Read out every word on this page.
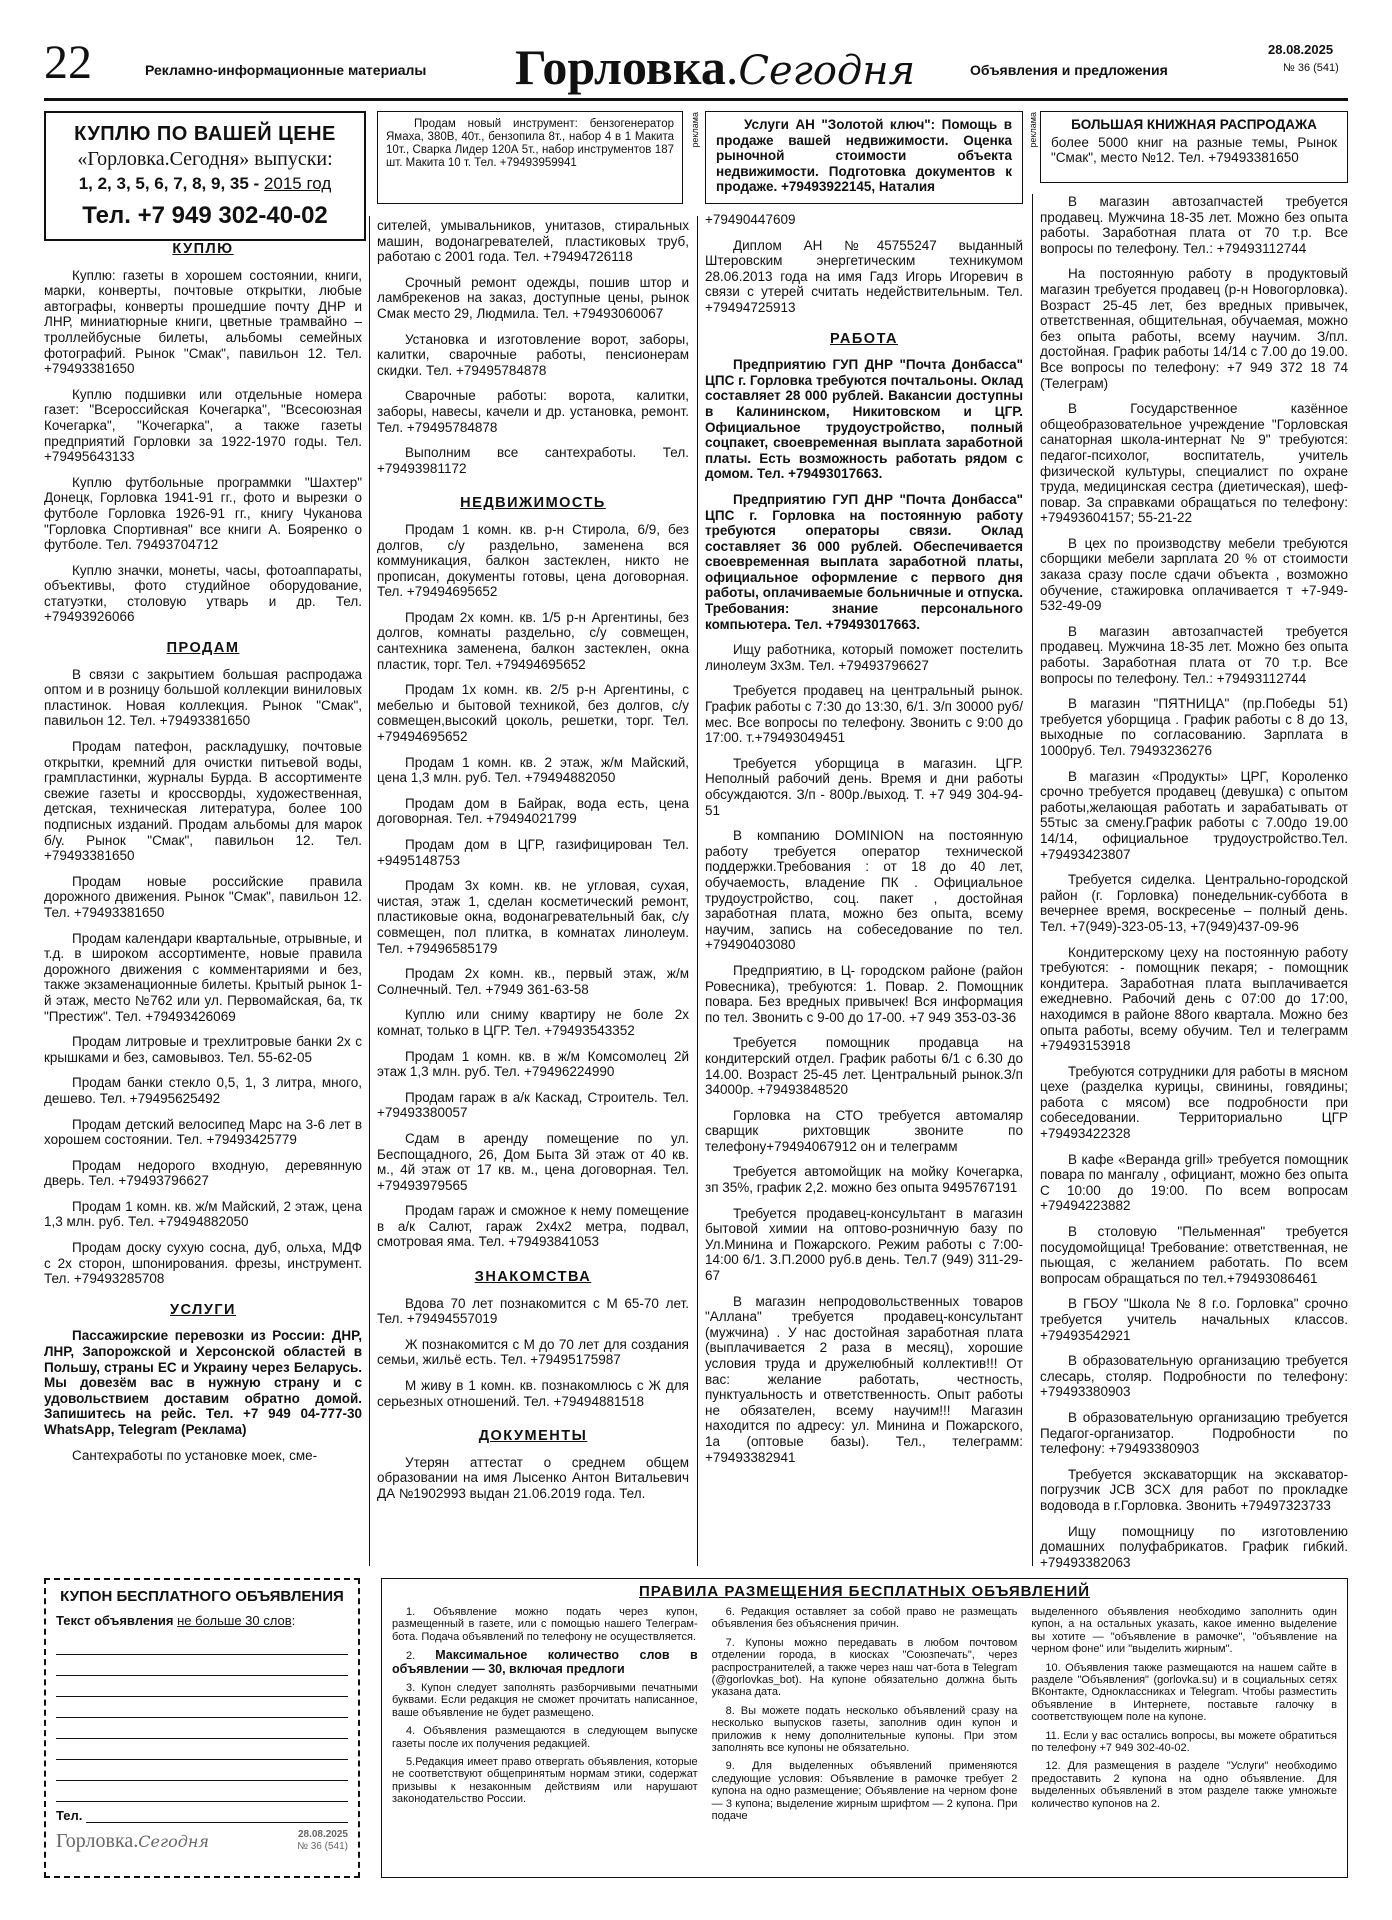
22	Рекламно-информационные материалы Горловка.Сегодня	Объявления и предложения
28.08.2025
№ 36 (541)
КУПЛЮ ПО ВАШЕЙ ЦЕНЕ
«Горловка.Сегодня» выпуски:
1, 2, 3, 5, 6, 7, 8, 9, 35 - 2015 год
Тел. +7 949 302-40-02

Продам новый инструмент: бензогенератор Ямаха, 380В, 40т., бензопила 8т., набор 4 в 1 Макита 10т., Сварка Лидер 120А 5т., набор инструментов 187 шт. Макита 10 т. Тел. +79493959941

реклама	Услуги АН "Золотой ключ": Помощь в продаже вашей недвижимости. Оценка рыночной стоимости объекта недвижимости. Подготовка документов к продаже. +79493922145, Наталия

реклама	БОЛЬШАЯ КНИЖНАЯ РАСПРОДАЖА

более 5000 книг на разные темы, Рынок "Смак", место №12. Тел. +79493381650

КУПЛЮ

Куплю: газеты в хорошем состоянии, книги, марки, конверты, почтовые открытки, любые автографы, конверты прошедшие почту ДНР и ЛНР, миниатюрные книги, цветные трамвайно – троллейбусные билеты, альбомы семейных фотографий. Рынок "Смак", павильон 12. Тел. +79493381650

Куплю подшивки или отдельные номера газет: "Всероссийская Кочегарка", "Всесоюзная Кочегарка", "Кочегарка", а также газеты предприятий Горловки за 1922-1970 годы. Тел. +79495643133

Куплю футбольные программки "Шахтер" Донецк, Горловка 1941-91 гг., фото и вырезки о футболе Горловка 1926-91 гг., книгу Чуканова "Горловка Спортивная" все книги А. Бояренко о футболе. Тел. 79493704712

Куплю значки, монеты, часы, фотоаппараты, объективы, фото студийное оборудование, статуэтки, столовую утварь и др. Тел. +79493926066

ПРОДАМ

В связи с закрытием большая распродажа оптом и в розницу большой коллекции виниловых пластинок. Новая коллекция. Рынок "Смак", павильон 12. Тел. +79493381650

Продам патефон, раскладушку, почтовые открытки, кремний для очистки питьевой воды, грампластинки, журналы Бурда. В ассортименте свежие газеты и кроссворды, художественная, детская, техническая литература, более 100 подписных изданий. Продам альбомы для марок б/у. Рынок "Смак", павильон 12. Тел. +79493381650

Продам новые российские правила дорожного движения. Рынок "Смак", павильон 12. Тел. +79493381650

Продам календари квартальные, отрывные, и т.д. в широком ассортименте, новые правила дорожного движения с комментариями и без, также экзаменационные билеты. Крытый рынок 1-й этаж, место №762 или ул. Первомайская, 6а, тк "Престиж". Тел. +79493426069

Продам литровые и трехлитровые банки 2х с крышками и без, самовывоз. Тел. 55-62-05

Продам банки стекло 0,5, 1, 3 литра, много, дешево. Тел. +79495625492

Продам детский велосипед Марс на 3-6 лет в хорошем состоянии. Тел. +79493425779

Продам недорого входную, деревянную дверь. Тел. +79493796627

Продам 1 комн. кв. ж/м Майский, 2 этаж, цена 1,3 млн. руб. Тел. +79494882050

Продам доску сухую сосна, дуб, ольха, МДФ с 2х сторон, шпонирования. фрезы, инструмент. Тел. +79493285708

УСЛУГИ

Пассажирские перевозки из России: ДНР, ЛНР, Запорожской и Херсонской областей в Польшу, страны ЕС и Украину через Беларусь. Мы довезём вас в нужную страну и с удовольствием доставим обратно домой. Запишитесь на рейс. Тел. +7 949 04-777-30 WhatsApp, Telegram (Реклама)

Сантехработы по установке моек, сме-

сителей, умывальников, унитазов, стиральных машин, водонагревателей, пластиковых труб, работаю с 2001 года. Тел. +79494726118

Срочный ремонт одежды, пошив штор и ламбрекенов на заказ, доступные цены, рынок Смак место 29, Людмила. Тел. +79493060067

Установка и изготовление ворот, заборы, калитки, сварочные работы, пенсионерам скидки. Тел. +79495784878

Сварочные работы: ворота, калитки, заборы, навесы, качели и др. установка, ремонт. Тел. +79495784878

Выполним все сантехработы. Тел. +79493981172

НЕДВИЖИМОСТЬ

Продам 1 комн. кв. р-н Стирола, 6/9, без долгов, с/у раздельно, заменена вся коммуникация, балкон застеклен, никто не прописан, документы готовы, цена договорная. Тел. +79494695652

Продам 2х комн. кв. 1/5 р-н Аргентины, без долгов, комнаты раздельно, с/у совмещен, сантехника заменена, балкон застеклен, окна пластик, торг. Тел. +79494695652

Продам 1х комн. кв. 2/5 р-н Аргентины, с мебелью и бытовой техникой, без долгов, с/у совмещен,высокий цоколь, решетки, торг. Тел. +79494695652

Продам 1 комн. кв. 2 этаж, ж/м Майский, цена 1,3 млн. руб. Тел. +79494882050

Продам дом в Байрак, вода есть, цена договорная. Тел. +79494021799

Продам дом в ЦГР, газифицирован Тел. +9495148753

Продам 3х комн. кв. не угловая, сухая, чистая, этаж 1, сделан косметический ремонт, пластиковые окна, водонагревательный бак, с/у совмещен, пол плитка, в комнатах линолеум. Тел. +79496585179

Продам 2х комн. кв., первый этаж, ж/м Солнечный. Тел. +7949 361-63-58

Куплю или сниму квартиру не боле 2х комнат, только в ЦГР. Тел. +79493543352

Продам 1 комн. кв. в ж/м Комсомолец 2й этаж 1,3 млн. руб. Тел. +79496224990

Продам гараж в а/к Каскад, Строитель. Тел. +79493380057

Сдам в аренду помещение по ул. Беспощадного, 26, Дом Быта 3й этаж от 40 кв. м., 4й этаж от 17 кв. м., цена договорная. Тел. +79493979565

Продам гараж и сможное к нему помещение в а/к Салют, гараж 2х4х2 метра, подвал, смотровая яма. Тел. +79493841053

ЗНАКОМСТВА

Вдова 70 лет познакомится с М 65-70 лет. Тел. +79494557019

Ж познакомится с М до 70 лет для создания семьи, жильё есть. Тел. +79495175987

М живу в 1 комн. кв. познакомлюсь с Ж для серьезных отношений. Тел. +79494881518

ДОКУМЕНТЫ

Утерян аттестат о среднем общем образовании на имя Лысенко Антон Витальевич ДА №1902993 выдан 21.06.2019 года. Тел.

+79490447609

Диплом АН №45755247 выданный Штеровским энергетическим техникумом 28.06.2013 года на имя Гадз Игорь Игоревич в связи с утерей считать недействительным. Тел. +79494725913

РАБОТА

Предприятию ГУП ДНР "Почта Донбасса" ЦПС г. Горловка требуются почтальоны. Оклад составляет 28 000 рублей. Вакансии доступны в Калининском, Никитовском и ЦГР. Официальное трудоустройство, полный соцпакет, своевременная выплата заработной платы. Есть возможность работать рядом с домом. Тел. +79493017663.

Предприятию ГУП ДНР "Почта Донбасса" ЦПС г. Горловка на постоянную работу требуются операторы связи. Оклад составляет 36 000 рублей. Обеспечивается своевременная выплата заработной платы, официальное оформление с первого дня работы, оплачиваемые больничные и отпуска. Требования: знание персонального компьютера. Тел. +79493017663.

Ищу работника, который поможет постелить линолеум 3х3м. Тел. +79493796627

Требуется продавец на центральный рынок. График работы с 7:30 до 13:30, 6/1. З/п 30000 руб/ мес. Все вопросы по телефону. Звонить с 9:00 до 17:00. т.+79493049451

Требуется уборщица в магазин. ЦГР. Неполный рабочий день. Время и дни работы обсуждаются. З/п - 800р./выход. Т. +7 949 304-94-51

В компанию DOMINION на постоянную работу требуется оператор технической поддержки.Требования : от 18 до 40 лет, обучаемость, владение ПК . Официальное трудоустройство, соц. пакет , достойная заработная плата, можно без опыта, всему научим, запись на собеседование по тел. +79490403080

Предприятию, в Ц- городском районе (район Ровесника), требуются: 1. Повар. 2. Помощник повара. Без вредных привычек! Вся информация по тел. Звонить с 9-00 до 17-00. +7 949 353-03-36

Требуется помощник продавца на кондитерский отдел. График работы 6/1 с 6.30 до 14.00. Возраст 25-45 лет. Центральный рынок.З/п 34000р. +79493848520

Горловка на СТО требуется автомаляр сварщик рихтовщик звоните по телефону+79494067912 он и телеграмм

Требуется автомойщик на мойку Кочегарка, зп 35%, график 2,2. можно без опыта 9495767191

Требуется продавец-консультант в магазин бытовой химии на оптово-розничную базу по Ул.Минина и Пожарского. Режим работы с 7:00-14:00 6/1. З.П.2000 руб.в день. Тел.7 (949) 311-29-67

В магазин непродовольственных товаров "Аллана" требуется продавец-консультант (мужчина) . У нас достойная заработная плата (выплачивается 2 раза в месяц), хорошие условия труда и дружелюбный коллектив!!! От вас: желание работать, честность, пунктуальность и ответственность. Опыт работы не обязателен, всему научим!!! Магазин находится по адресу: ул. Минина и Пожарского, 1а (оптовые базы). Тел., телеграмм: +79493382941

В магазин автозапчастей требуется продавец. Мужчина 18-35 лет. Можно без опыта работы. Заработная плата от 70 т.р. Все вопросы по телефону. Тел.: +79493112744

На постоянную работу в продуктовый магазин требуется продавец (р-н Новогорловка). Возраст 25-45 лет, без вредных привычек, ответственная, общительная, обучаемая, можно без опыта работы, всему научим. З/пл. достойная. График работы 14/14 с 7.00 до 19.00. Все вопросы по телефону: +7 949 372 18 74 (Телеграм)

В Государственное казённое общеобразовательное учреждение "Горловская санаторная школа-интернат № 9" требуются: педагог-психолог, воспитатель, учитель физической культуры, специалист по охране труда, медицинская сестра (диетическая), шеф-повар. За справками обращаться по телефону: +79493604157; 55-21-22

В цех по производству мебели требуются сборщики мебели зарплата 20 % от стоимости заказа сразу после сдачи объекта , возможно обучение, стажировка оплачивается т +7-949-532-49-09

В магазин автозапчастей требуется продавец. Мужчина 18-35 лет. Можно без опыта работы. Заработная плата от 70 т.р. Все вопросы по телефону. Тел.: +79493112744

В магазин "ПЯТНИЦА" (пр.Победы 51) требуется уборщица . График работы с 8 до 13, выходные по согласованию. Зарплата в 1000руб. Тел. 79493236276

В магазин «Продукты» ЦРГ, Короленко срочно требуется продавец (девушка) с опытом работы,желающая работать и зарабатывать от 55тыс за смену.График работы с 7.00до 19.00 14/14, официальное трудоустройство.Тел. +79493423807

Требуется сиделка. Центрально-городской район (г. Горловка) понедельник-суббота в вечернее время, воскресенье – полный день. Тел. +7(949)-323-05-13, +7(949)437-09-96

Кондитерскому цеху на постоянную работу требуются: - помощник пекаря; - помощник кондитера. Заработная плата выплачивается ежедневно. Рабочий день с 07:00 до 17:00, находимся в районе 88ого квартала. Можно без опыта работы, всему обучим. Тел и телеграмм +79493153918

Требуются сотрудники для работы в мясном цехе (разделка курицы, свинины, говядины; работа с мясом) все подробности при собеседовании. Территориально ЦГР +79493422328

В кафе «Веранда grill» требуется помощник повара по мангалу , официант, можно без опыта С 10:00 до 19:00. По всем вопросам +79494223882

В столовую "Пельменная" требуется посудомойщица! Требование: ответственная, не пьющая, с желанием работать. По всем вопросам обращаться по тел.+79493086461

В ГБОУ "Школа № 8 г.о. Горловка" срочно требуется учитель начальных классов. +79493542921

В образовательную организацию требуется слесарь, столяр. Подробности по телефону: +79493380903

В образовательную организацию требуется Педагог-организатор. Подробности по телефону: +79493380903

Требуется экскаваторщик на экскаватор-погрузчик JCB 3CX для работ по прокладке водовода в г.Горловка. Звонить +79497323733

Ищу помощницу по изготовлению домашних полуфабрикатов. График гибкий. +79493382063

КУПОН БЕСПЛАТНОГО ОБЪЯВЛЕНИЯ
Текст объявления не больше 30 слов:
Тел.
Горловка.Сегодня	28.08.2025
№ 36 (541)
ПРАВИЛА РАЗМЕЩЕНИЯ БЕСПЛАТНЫХ ОБЪЯВЛЕНИЙ

1. Объявление можно подать через купон, размещенный в газете, или с помощью нашего Телеграм-бота. Подача объявлений по телефону не осуществляется.

2. Максимальное количество слов в объявлении — 30, включая предлоги

3. Купон следует заполнять разборчивыми печатными буквами. Если редакция не сможет прочитать написанное, ваше объявление не будет размещено.

4. Объявления размещаются в следующем выпуске газеты после их получения редакцией.

5.Редакция имеет право отвергать объявления, которые не соответствуют общепринятым нормам этики, содержат призывы к незаконным действиям или нарушают законодательство России.

6. Редакция оставляет за собой право не размещать объявления без объяснения причин.

7. Купоны можно передавать в любом почтовом отделении города, в киосках "Союзпечать", через распространителей, а также через наш чат-бота в Telegram (@gorlovkas_bot). На купоне обязательно должна быть указана дата.

8. Вы можете подать несколько объявлений сразу на несколько выпусков газеты, заполнив один купон и приложив к нему дополнительные купоны. При этом заполнять все купоны не обязательно.

9. Для выделенных объявлений применяются следующие условия: Объявление в рамочке требует 2 купона на одно размещение; Объявление на черном фоне — 3 купона; выделение жирным шрифтом — 2 купона. При подаче

выделенного объявления необходимо заполнить один купон, а на остальных указать, какое именно выделение вы хотите — "объявление в рамочке", "объявление на черном фоне" или "выделить жирным".

10. Объявления также размещаются на нашем сайте в разделе "Объявления" (gorlovka.su) и в социальных сетях ВКонтакте, Одноклассниках и Telegram. Чтобы разместить объявление в Интернете, поставьте галочку в соответствующем поле на купоне.

11. Если у вас остались вопросы, вы можете обратиться по телефону +7 949 302-40-02.

12. Для размещения в разделе "Услуги" необходимо предоставить 2 купона на одно объявление. Для выделенных объявлений в этом разделе также умножьте количество купонов на 2.
